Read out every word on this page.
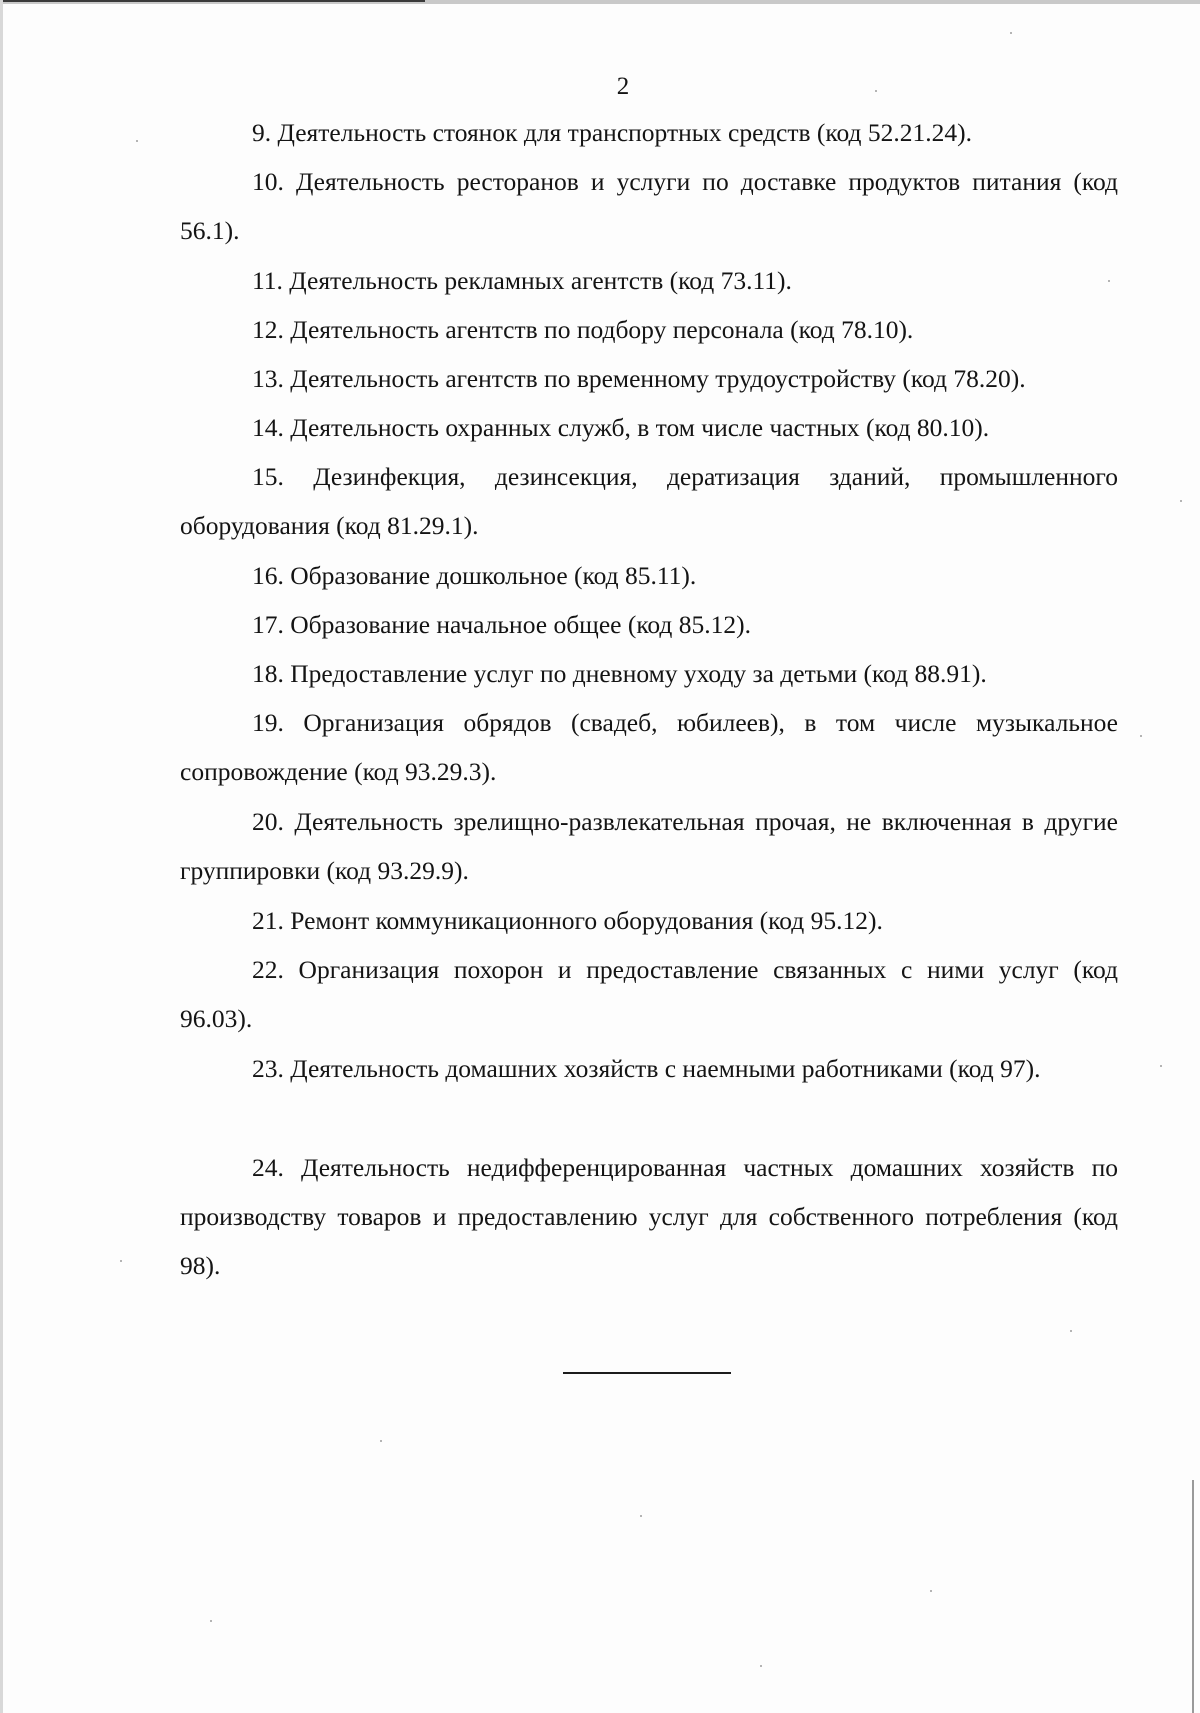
2

9. Деятельность стоянок для транспортных средств (код 52.21.24).

10. Деятельность ресторанов и услуги по доставке продуктов питания (код 56.1).

11. Деятельность рекламных агентств (код 73.11).

12. Деятельность агентств по подбору персонала (код 78.10).

13. Деятельность агентств по временному трудоустройству (код 78.20).

14. Деятельность охранных служб, в том числе частных (код 80.10).

15. Дезинфекция, дезинсекция, дератизация зданий, промышленного оборудования (код 81.29.1).

16. Образование дошкольное (код 85.11).

17. Образование начальное общее (код 85.12).

18. Предоставление услуг по дневному уходу за детьми (код 88.91).

19. Организация обрядов (свадеб, юбилеев), в том числе музыкальное сопровождение (код 93.29.3).

20. Деятельность зрелищно-развлекательная прочая, не включенная в другие группировки (код 93.29.9).

21. Ремонт коммуникационного оборудования (код 95.12).

22. Организация похорон и предоставление связанных с ними услуг (код 96.03).

23. Деятельность домашних хозяйств с наемными работниками (код 97).

24. Деятельность недифференцированная частных домашних хозяйств по производству товаров и предоставлению услуг для собственного потребления (код 98).
